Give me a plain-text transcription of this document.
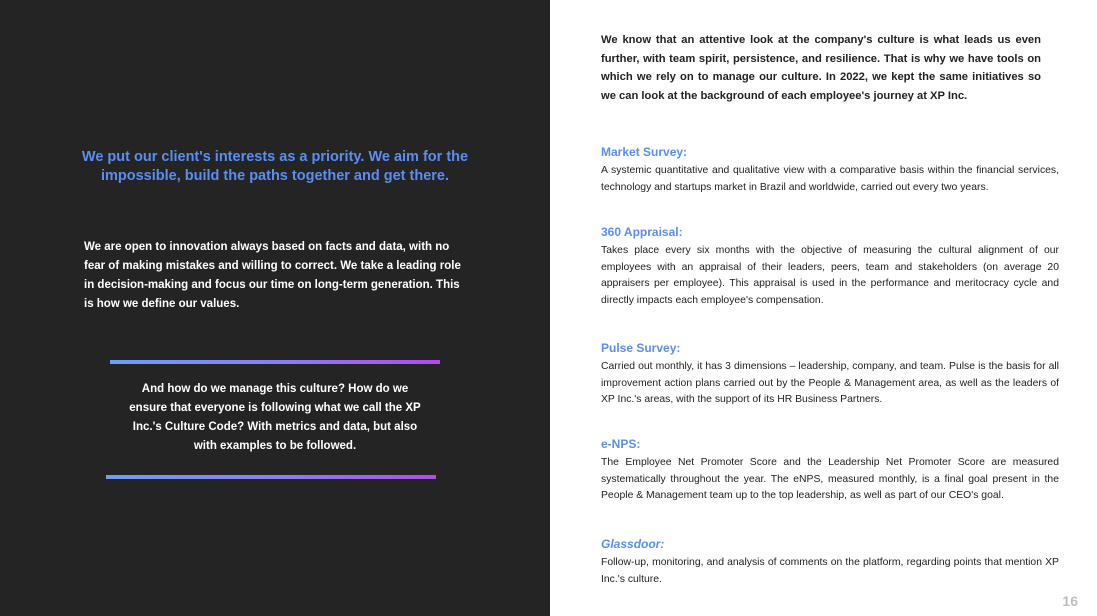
We put our client's interests as a priority. We aim for the impossible, build the paths together and get there.

We are open to innovation always based on facts and data, with no fear of making mistakes and willing to correct. We take a leading role in decision-making and focus our time on long-term generation. This is how we define our values.

And how do we manage this culture? How do we ensure that everyone is following what we call the XP Inc.'s Culture Code? With metrics and data, but also with examples to be followed.

We know that an attentive look at the company's culture is what leads us even further, with team spirit, persistence, and resilience. That is why we have tools on which we rely on to manage our culture. In 2022, we kept the same initiatives so we can look at the background of each employee's journey at XP Inc.

Market Survey:

A systemic quantitative and qualitative view with a comparative basis within the financial services, technology and startups market in Brazil and worldwide, carried out every two years.

360 Appraisal:

Takes place every six months with the objective of measuring the cultural alignment of our employees with an appraisal of their leaders, peers, team and stakeholders (on average 20 appraisers per employee). This appraisal is used in the performance and meritocracy cycle and directly impacts each employee's compensation.

Pulse Survey:

Carried out monthly, it has 3 dimensions – leadership, company, and team. Pulse is the basis for all improvement action plans carried out by the People & Management area, as well as the leaders of XP Inc.'s areas, with the support of its HR Business Partners.

e-NPS:

The Employee Net Promoter Score and the Leadership Net Promoter Score are measured systematically throughout the year. The eNPS, measured monthly, is a final goal present in the People & Management team up to the top leadership, as well as part of our CEO's goal.

Glassdoor:

Follow-up, monitoring, and analysis of comments on the platform, regarding points that mention XP Inc.'s culture.

16
